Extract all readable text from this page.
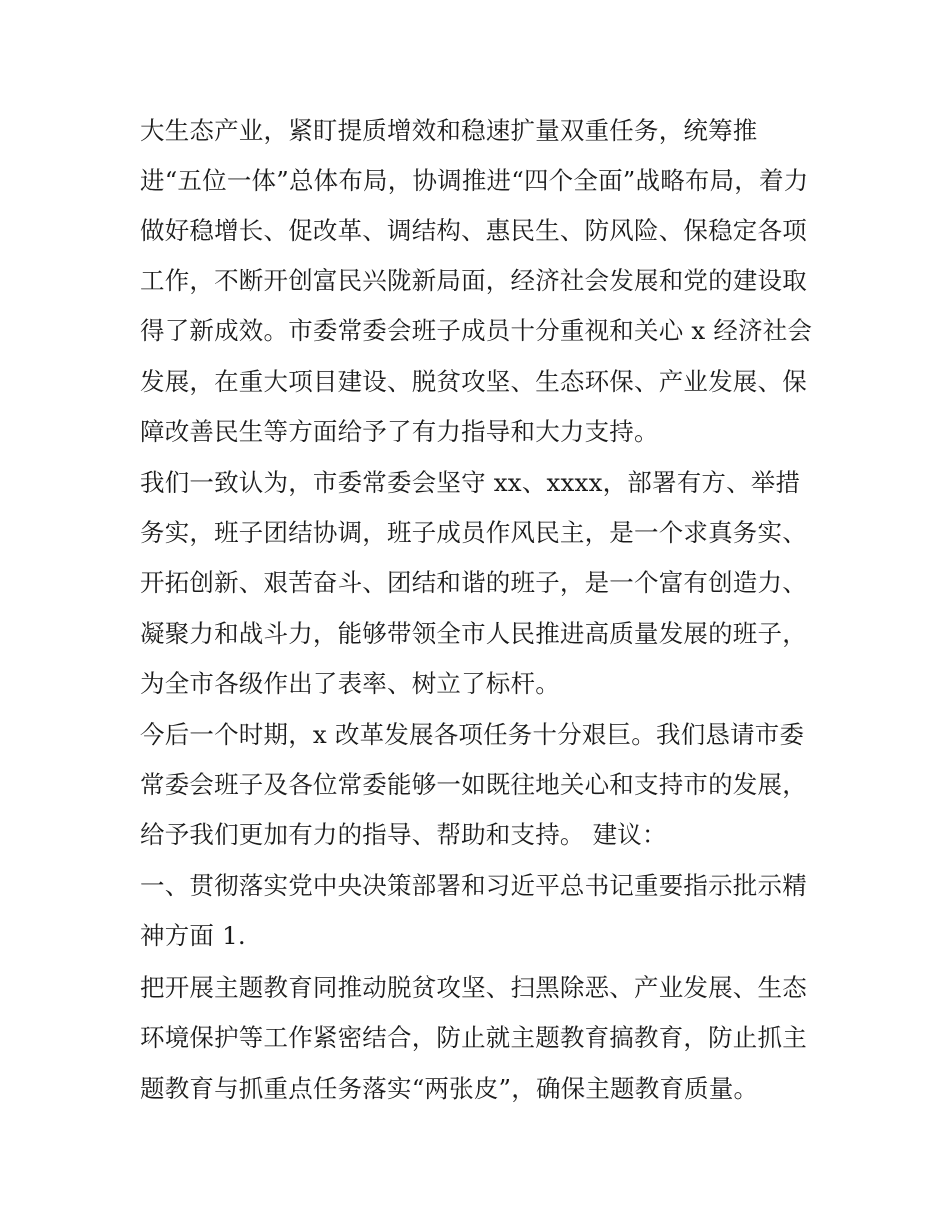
大生态产业，紧盯提质增效和稳速扩量双重任务，统筹推
进“五位一体”总体布局，协调推进“四个全面”战略布局，着力
做好稳增长、促改革、调结构、惠民生、防风险、保稳定各项
工作，不断开创富民兴陇新局面，经济社会发展和党的建设取
得了新成效。市委常委会班子成员十分重视和关心 x 经济社会
发展，在重大项目建设、脱贫攻坚、生态环保、产业发展、保
障改善民生等方面给予了有力指导和大力支持。
我们一致认为，市委常委会坚守 xx、xxxx，部署有方、举措
务实，班子团结协调，班子成员作风民主，是一个求真务实、
开拓创新、艰苦奋斗、团结和谐的班子，是一个富有创造力、
凝聚力和战斗力，能够带领全市人民推进高质量发展的班子，
为全市各级作出了表率、树立了标杆。
今后一个时期，x 改革发展各项任务十分艰巨。我们恳请市委
常委会班子及各位常委能够一如既往地关心和支持市的发展，
给予我们更加有力的指导、帮助和支持。 建议：
一、贯彻落实党中央决策部署和习近平总书记重要指示批示精
神方面 1.
把开展主题教育同推动脱贫攻坚、扫黑除恶、产业发展、生态
环境保护等工作紧密结合，防止就主题教育搞教育，防止抓主
题教育与抓重点任务落实“两张皮”，确保主题教育质量。
